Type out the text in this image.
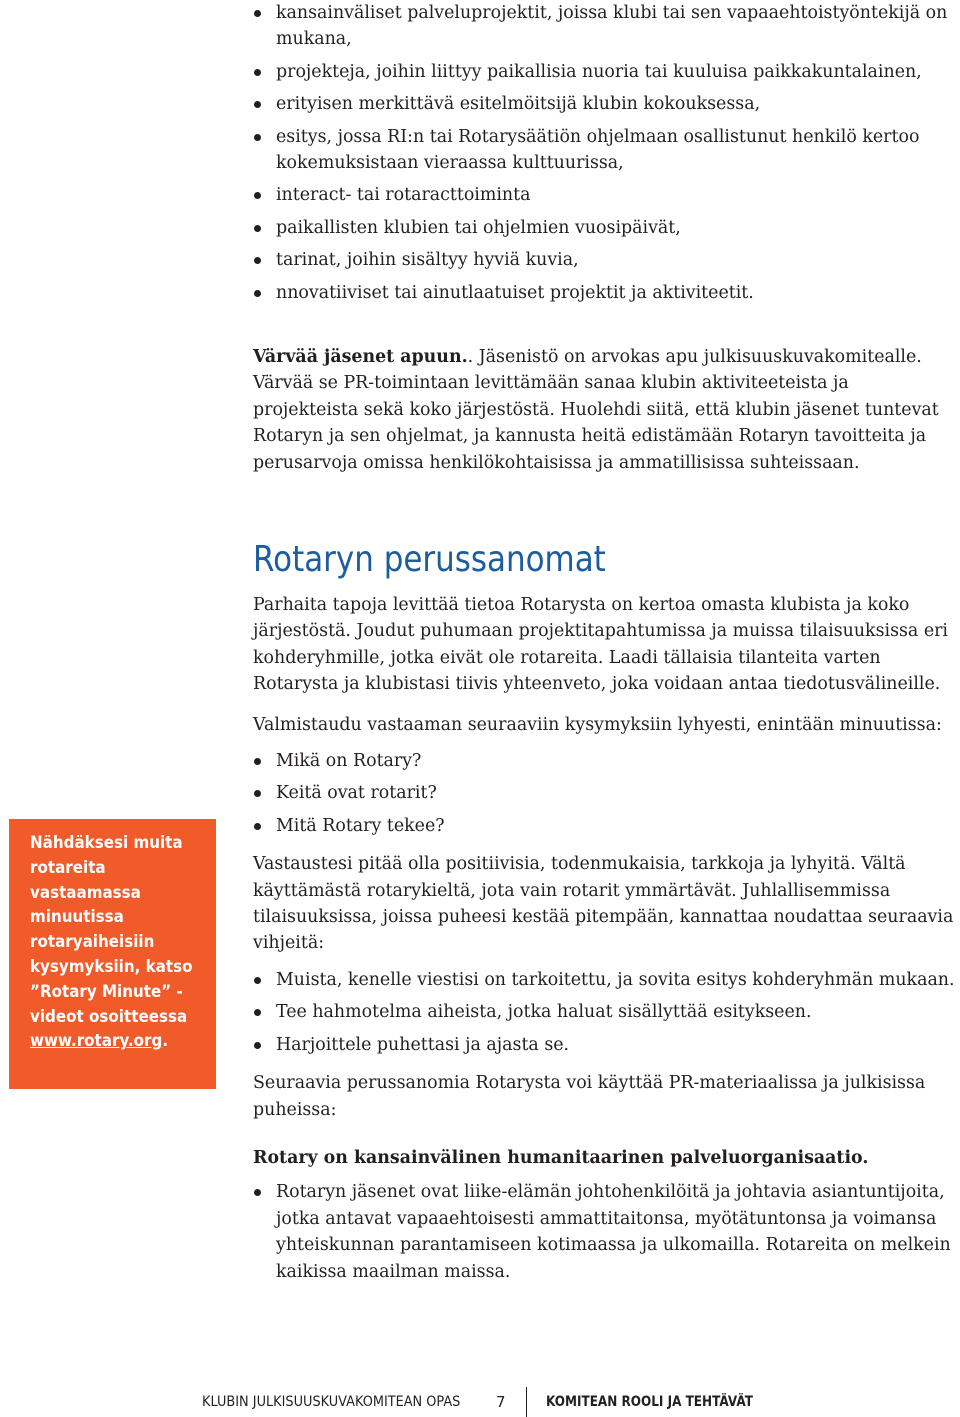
kansainväliset palveluprojektit, joissa klubi tai sen vapaaehtoistyöntekijä on mukana,
projekteja, joihin liittyy paikallisia nuoria tai kuuluisa paikkakuntalainen,
erityisen merkittävä esitelmöitsijä klubin kokouksessa,
esitys, jossa RI:n tai Rotarysäätiön ohjelmaan osallistunut henkilö kertoo kokemuksistaan vieraassa kulttuurissa,
interact- tai rotaracttoiminta
paikallisten klubien tai ohjelmien vuosipäivät,
tarinat, joihin sisältyy hyviä kuvia,
nnovatiiviset tai ainutlaatuiset projektit ja aktiviteetit.

Värvää jäsenet apuun.. Jäsenistö on arvokas apu julkisuuskuvakomitealle. Värvää se PR-toimintaan levittämään sanaa klubin aktiviteeteista ja projekteista sekä koko järjestöstä. Huolehdi siitä, että klubin jäsenet tuntevat Rotaryn ja sen ohjelmat, ja kannusta heitä edistämään Rotaryn tavoitteita ja perusarvoja omissa henkilökohtaisissa ja ammatillisissa suhteissaan.

Rotaryn perussanomat

Parhaita tapoja levittää tietoa Rotarysta on kertoa omasta klubista ja koko järjestöstä. Joudut puhumaan projektitapahtumissa ja muissa tilaisuuksissa eri kohderyhmille, jotka eivät ole rotareita. Laadi tällaisia tilanteita varten Rotarysta ja klubistasi tiivis yhteenveto, joka voidaan antaa tiedotusvälineille.

Valmistaudu vastaaman seuraaviin kysymyksiin lyhyesti, enintään minuutissa:

Mikä on Rotary?
Keitä ovat rotarit?
Mitä Rotary tekee?

Vastaustesi pitää olla positiivisia, todenmukaisia, tarkkoja ja lyhyitä. Vältä käyttämästä rotarykieltä, jota vain rotarit ymmärtävät. Juhlallisemmissa tilaisuuksissa, joissa puheesi kestää pitempään, kannattaa noudattaa seuraavia vihjeitä:

Muista, kenelle viestisi on tarkoitettu, ja sovita esitys kohderyhmän mukaan.
Tee hahmotelma aiheista, jotka haluat sisällyttää esitykseen.
Harjoittele puhettasi ja ajasta se.

Seuraavia perussanomia Rotarysta voi käyttää PR-materiaalissa ja julkisissa puheissa:

Rotary on kansainvälinen humanitaarinen palveluorganisaatio.

Rotaryn jäsenet ovat liike-elämän johtohenkilöitä ja johtavia asiantuntijoita, jotka antavat vapaaehtoisesti ammattitaitonsa, myötätuntonsa ja voimansa yhteiskunnan parantamiseen kotimaassa ja ulkomailla. Rotareita on melkein kaikissa maailman maissa.
Nähdäksesi muita rotareita vastaamassa minuutissa rotaryaiheisiin kysymyksiin, katso ”Rotary Minute” -videot osoitteessa www.rotary.org.
KLUBIN JULKISUUSKUVAKOMITEAN OPAS 7	KOMITEAN ROOLI JA TEHTÄVÄT
